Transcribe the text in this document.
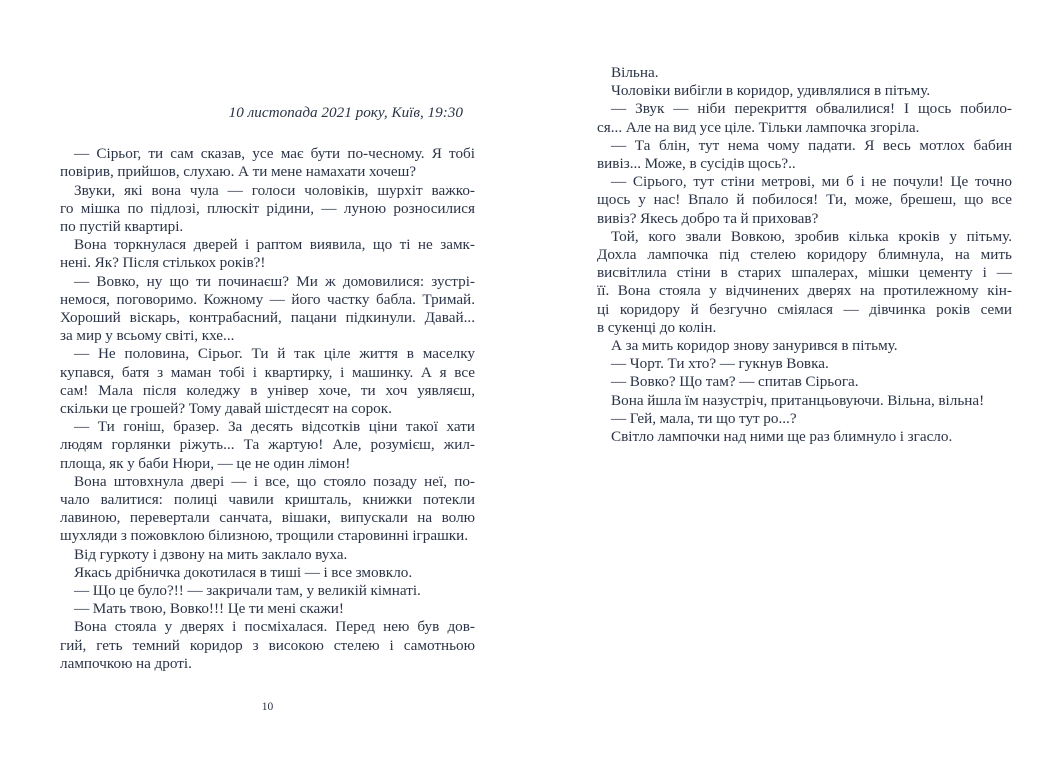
10 листопада 2021 року, Київ, 19:30
— Сірьог, ти сам сказав, усе має бути по-чесному. Я тобі
повірив, прийшов, слухаю. А ти мене намахати хочеш?
Звуки, які вона чула — голоси чоловіків, шурхіт важко-
го мішка по підлозі, плюскіт рідини, — луною розносилися
по пустій квартирі.
Вона торкнулася дверей і раптом виявила, що ті не замк-
нені. Як? Після стількох років?!
— Вовко, ну що ти починаєш? Ми ж домовилися: зустрі-
немося, поговоримо. Кожному — його частку бабла. Тримай.
Хороший віскарь, контрабасний, пацани підкинули. Давай...
за мир у всьому світі, кхе...
— Не половина, Сірьог. Ти й так ціле життя в маселку
купався, батя з маман тобі і квартирку, і машинку. А я все
сам! Мала після коледжу в універ хоче, ти хоч уявляєш,
скільки це грошей? Тому давай шістдесят на сорок.
— Ти гоніш, бразер. За десять відсотків ціни такої хати
людям горлянки ріжуть... Та жартую! Але, розумієш, жил-
площа, як у баби Нюри, — це не один лімон!
Вона штовхнула двері — і все, що стояло позаду неї, по-
чало валитися: полиці чавили кришталь, книжки потекли
лавиною, перевертали санчата, вішаки, випускали на волю
шухляди з пожовклою білизною, трощили старовинні іграшки.
Від гуркоту і дзвону на мить заклало вуха.
Якась дрібничка докотилася в тиші — і все змовкло.
— Що це було?!! — закричали там, у великій кімнаті.
— Мать твою, Вовко!!! Це ти мені скажи!
Вона стояла у дверях і посміхалася. Перед нею був дов-
гий, геть темний коридор з високою стелею і самотньою
лампочкою на дроті.
10
Вільна.
Чоловіки вибігли в коридор, удивлялися в пітьму.
— Звук — ніби перекриття обвалилися! І щось побило-
ся... Але на вид усе ціле. Тільки лампочка згоріла.
— Та блін, тут нема чому падати. Я весь мотлох бабин
вивіз... Може, в сусідів щось?..
— Сірього, тут стіни метрові, ми б і не почули! Це точно
щось у нас! Впало й побилося! Ти, може, брешеш, що все
вивіз? Якесь добро та й приховав?
Той, кого звали Вовкою, зробив кілька кроків у пітьму.
Дохла лампочка під стелею коридору блимнула, на мить
висвітлила стіни в старих шпалерах, мішки цементу і —
її. Вона стояла у відчинених дверях на протилежному кін-
ці коридору й безгучно сміялася — дівчинка років семи
в сукенці до колін.
А за мить коридор знову занурився в пітьму.
— Чорт. Ти хто? — гукнув Вовка.
— Вовко? Що там? — спитав Сірьога.
Вона йшла їм назустріч, пританцьовуючи. Вільна, вільна!
— Гей, мала, ти що тут ро...?
Світло лампочки над ними ще раз блимнуло і згасло.
